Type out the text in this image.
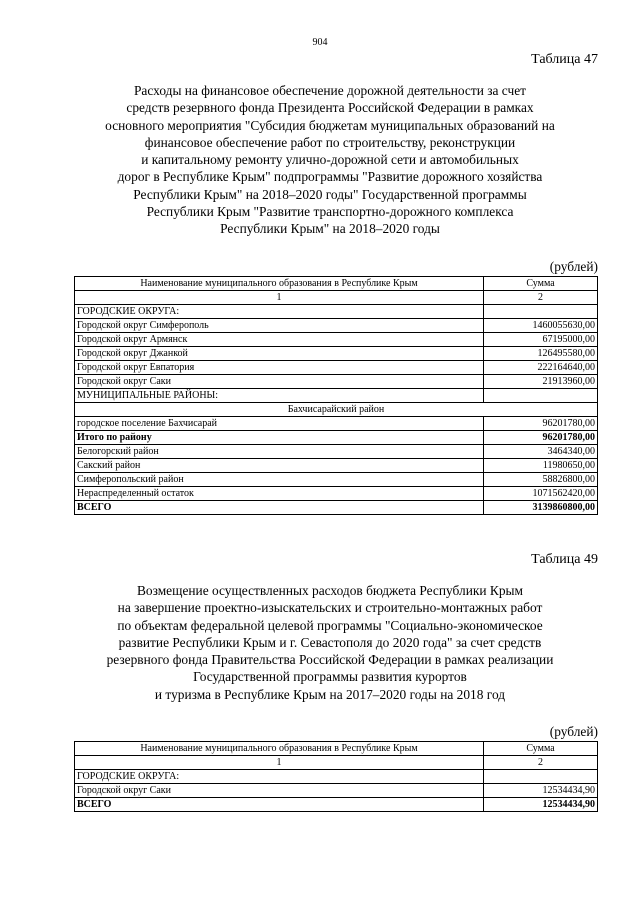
904
Таблица 47
Расходы на финансовое обеспечение дорожной деятельности за счет
средств резервного фонда Президента Российской Федерации в рамках
основного мероприятия "Субсидия бюджетам муниципальных образований на
финансовое обеспечение работ по строительству, реконструкции
и капитальному ремонту улично-дорожной сети и автомобильных
дорог в Республике Крым" подпрограммы "Развитие дорожного хозяйства
Республики Крым" на 2018–2020 годы" Государственной программы
Республики Крым "Развитие транспортно-дорожного комплекса
Республики Крым" на 2018–2020 годы
(рублей)
Наименование муниципального образования в Республике Крым	Сумма
1	2
ГОРОДСКИЕ ОКРУГА:	
Городской округ Симферополь	1460055630,00
Городской округ Армянск	67195000,00
Городской округ Джанкой	126495580,00
Городской округ Евпатория	222164640,00
Городской округ Саки	21913960,00
МУНИЦИПАЛЬНЫЕ РАЙОНЫ:	
Бахчисарайский район	
городское поселение Бахчисарай	96201780,00
Итого по району	96201780,00
Белогорский район	3464340,00
Сакский район	11980650,00
Симферопольский район	58826800,00
Нераспределенный остаток	1071562420,00
ВСЕГО	3139860800,00
Таблица 49
Возмещение осуществленных расходов бюджета Республики Крым
на завершение проектно-изыскательских и строительно-монтажных работ
по объектам федеральной целевой программы "Социально-экономическое
развитие Республики Крым и г. Севастополя до 2020 года" за счет средств
резервного фонда Правительства Российской Федерации в рамках реализации
Государственной программы развития курортов
и туризма в Республике Крым на 2017–2020 годы на 2018 год
(рублей)
Наименование муниципального образования в Республике Крым	Сумма
1	2
ГОРОДСКИЕ ОКРУГА:	
Городской округ Саки	12534434,90
ВСЕГО	12534434,90
